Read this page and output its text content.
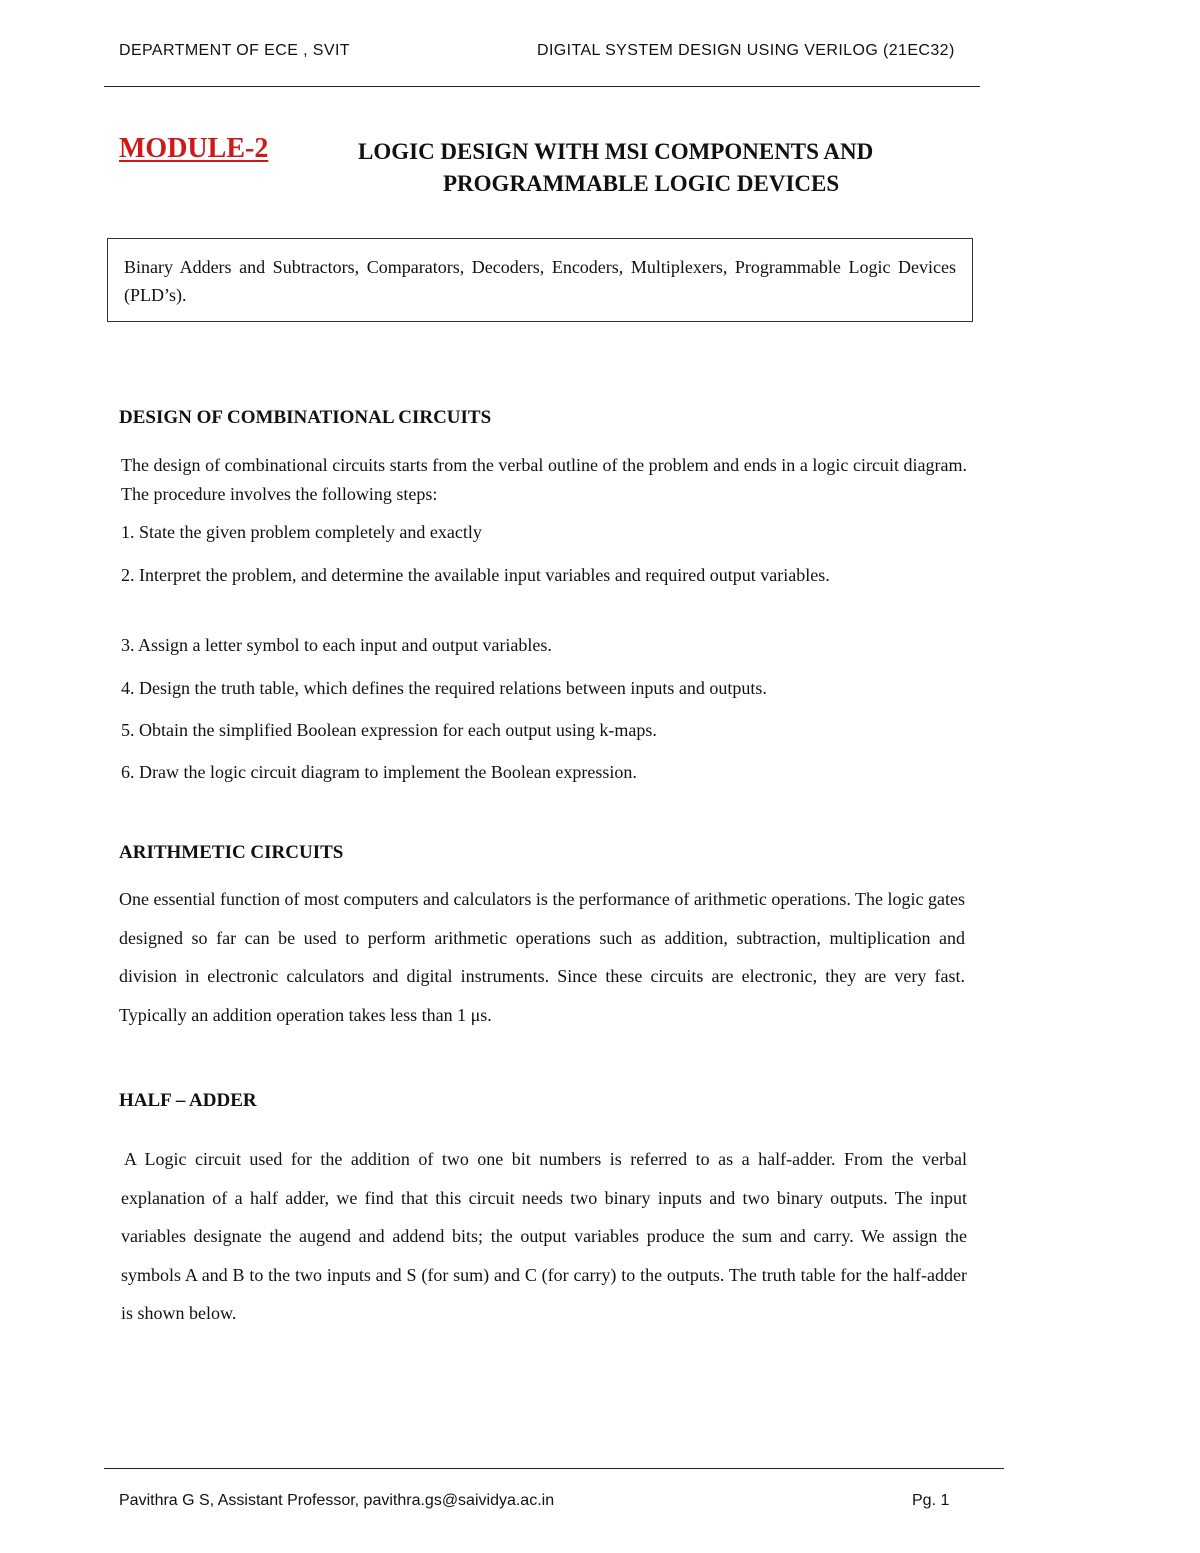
DEPARTMENT OF ECE , SVIT	DIGITAL SYSTEM DESIGN USING VERILOG (21EC32)
MODULE-2	LOGIC DESIGN WITH MSI COMPONENTS AND
PROGRAMMABLE LOGIC DEVICES
Binary Adders and Subtractors, Comparators, Decoders, Encoders, Multiplexers, Programmable Logic Devices (PLD’s).
DESIGN OF COMBINATIONAL CIRCUITS

The design of combinational circuits starts from the verbal outline of the problem and ends in a logic circuit diagram. The procedure involves the following steps:

1. State the given problem completely and exactly

2. Interpret the problem, and determine the available input variables and required output variables.

3. Assign a letter symbol to each input and output variables.

4. Design the truth table, which defines the required relations between inputs and outputs.

5. Obtain the simplified Boolean expression for each output using k-maps.

6. Draw the logic circuit diagram to implement the Boolean expression.

ARITHMETIC CIRCUITS

One essential function of most computers and calculators is the performance of arithmetic operations. The logic gates designed so far can be used to perform arithmetic operations such as addition, subtraction, multiplication and division in electronic calculators and digital instruments. Since these circuits are electronic, they are very fast. Typically an addition operation takes less than 1 μs.

HALF – ADDER

A Logic circuit used for the addition of two one bit numbers is referred to as a half-adder. From the verbal explanation of a half adder, we find that this circuit needs two binary inputs and two binary outputs. The input variables designate the augend and addend bits; the output variables produce the sum and carry. We assign the symbols A and B to the two inputs and S (for sum) and C (for carry) to the outputs. The truth table for the half-adder is shown below.

Pavithra G S, Assistant Professor, pavithra.gs@saividya.ac.in	Pg. 1
